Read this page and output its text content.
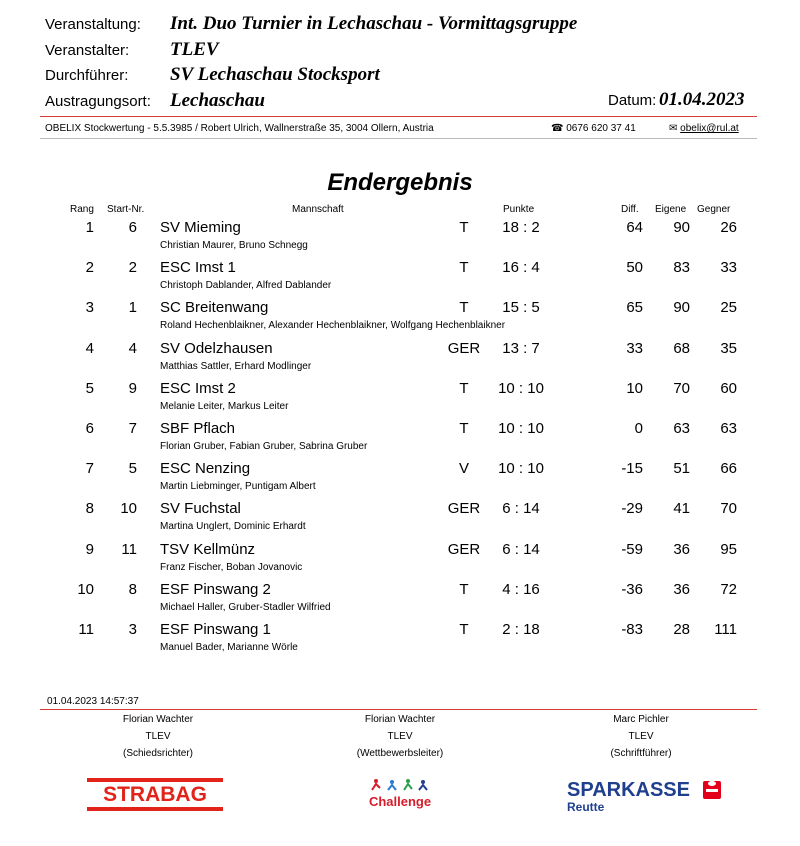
Veranstaltung: Int. Duo Turnier in Lechaschau - Vormittagsgruppe
Veranstalter: TLEV
Durchführer: SV Lechaschau Stocksport
Austragungsort: Lechaschau	Datum: 01.04.2023
OBELIX Stockwertung - 5.5.3985 / Robert Ulrich, Wallnerstraße 35, 3004 Ollern, Austria	☎ 0676 620 37 41	✉ obelix@rul.at
Endergebnis
Rang Start-Nr.	Mannschaft	Punkte	Diff. Eigene Gegner
1 6 SV Mieming	T	18 : 2	64 90 26
Christian Maurer, Bruno Schnegg
2 2 ESC Imst 1	T	16 : 4	50 83 33
Christoph Dablander, Alfred Dablander
3 1 SC Breitenwang	T	15 : 5	65 90 25
Roland Hechenblaikner, Alexander Hechenblaikner, Wolfgang Hechenblaikner
4 4 SV Odelzhausen	GER	13 : 7	33 68 35
Matthias Sattler, Erhard Modlinger
5 9 ESC Imst 2	T	10 : 10	10 70 60
Melanie Leiter, Markus Leiter
6 7 SBF Pflach	T	10 : 10	0 63 63
Florian Gruber, Fabian Gruber, Sabrina Gruber
7 5 ESC Nenzing	V	10 : 10	-15 51 66
Martin Liebminger, Puntigam Albert
8 10 SV Fuchstal	GER	6 : 14	-29 41 70
Martina Unglert, Dominic Erhardt
9 11 TSV Kellmünz	GER	6 : 14	-59 36 95
Franz Fischer, Boban Jovanovic
10 8 ESF Pinswang 2	T	4 : 16	-36 36 72
Michael Haller, Gruber-Stadler Wilfried
11 3 ESF Pinswang 1	T	2 : 18	-83 28 111
Manuel Bader, Marianne Wörle
01.04.2023 14:57:37
Florian Wachter
TLEV
(Schiedsrichter)
Florian Wachter
TLEV
(Wettbewerbsleiter)
Marc Pichler
TLEV
(Schriftführer)
STRABAG	Challenge
SPARKASSE
Reutte
